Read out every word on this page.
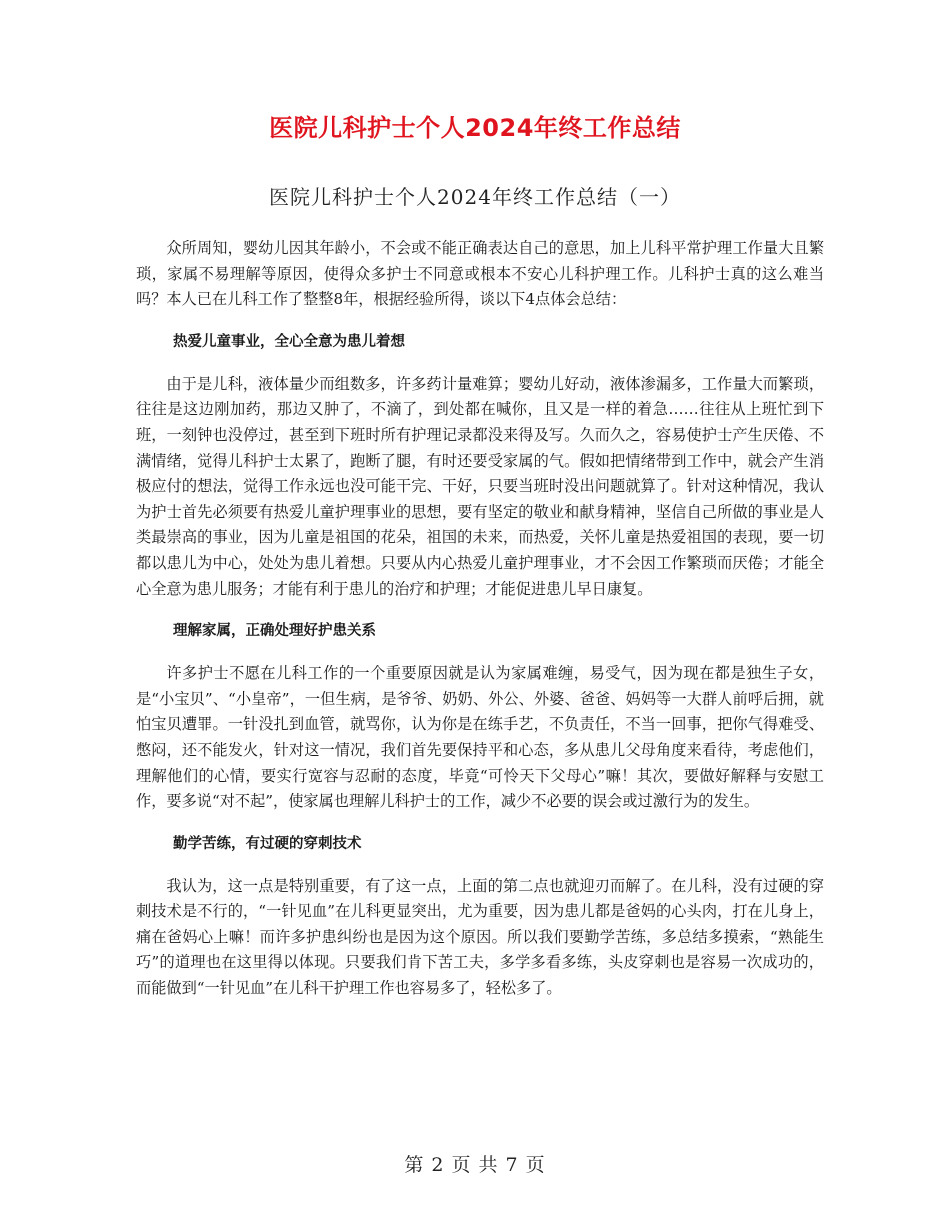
医院儿科护士个人2024年终工作总结
医院儿科护士个人2024年终工作总结（一）

众所周知，婴幼儿因其年龄小，不会或不能正确表达自己的意思，加上儿科平常护理工作量大且繁琐，家属不易理解等原因，使得众多护士不同意或根本不安心儿科护理工作。儿科护士真的这么难当吗？本人已在儿科工作了整整8年，根据经验所得，谈以下4点体会总结：

热爱儿童事业，全心全意为患儿着想

由于是儿科，液体量少而组数多，许多药计量难算；婴幼儿好动，液体渗漏多，工作量大而繁琐，往往是这边刚加药，那边又肿了，不滴了，到处都在喊你，且又是一样的着急……往往从上班忙到下班，一刻钟也没停过，甚至到下班时所有护理记录都没来得及写。久而久之，容易使护士产生厌倦、不满情绪，觉得儿科护士太累了，跑断了腿，有时还要受家属的气。假如把情绪带到工作中，就会产生消极应付的想法，觉得工作永远也没可能干完、干好，只要当班时没出问题就算了。针对这种情况，我认为护士首先必须要有热爱儿童护理事业的思想，要有坚定的敬业和献身精神，坚信自己所做的事业是人类最崇高的事业，因为儿童是祖国的花朵，祖国的未来，而热爱，关怀儿童是热爱祖国的表现，要一切都以患儿为中心，处处为患儿着想。只要从内心热爱儿童护理事业，才不会因工作繁琐而厌倦；才能全心全意为患儿服务；才能有利于患儿的治疗和护理；才能促进患儿早日康复。

理解家属，正确处理好护患关系

许多护士不愿在儿科工作的一个重要原因就是认为家属难缠，易受气，因为现在都是独生子女，是“小宝贝”、“小皇帝”，一但生病，是爷爷、奶奶、外公、外婆、爸爸、妈妈等一大群人前呼后拥，就怕宝贝遭罪。一针没扎到血管，就骂你，认为你是在练手艺，不负责任，不当一回事，把你气得难受、憋闷，还不能发火，针对这一情况，我们首先要保持平和心态，多从患儿父母角度来看待，考虑他们，理解他们的心情，要实行宽容与忍耐的态度，毕竟“可怜天下父母心”嘛！其次，要做好解释与安慰工作，要多说“对不起”，使家属也理解儿科护士的工作，减少不必要的误会或过激行为的发生。

勤学苦练，有过硬的穿刺技术

我认为，这一点是特别重要，有了这一点，上面的第二点也就迎刃而解了。在儿科，没有过硬的穿刺技术是不行的，“一针见血”在儿科更显突出，尤为重要，因为患儿都是爸妈的心头肉，打在儿身上，痛在爸妈心上嘛！而许多护患纠纷也是因为这个原因。所以我们要勤学苦练，多总结多摸索，“熟能生巧”的道理也在这里得以体现。只要我们肯下苦工夫，多学多看多练，头皮穿刺也是容易一次成功的，而能做到“一针见血”在儿科干护理工作也容易多了，轻松多了。

第 2 页 共 7 页
